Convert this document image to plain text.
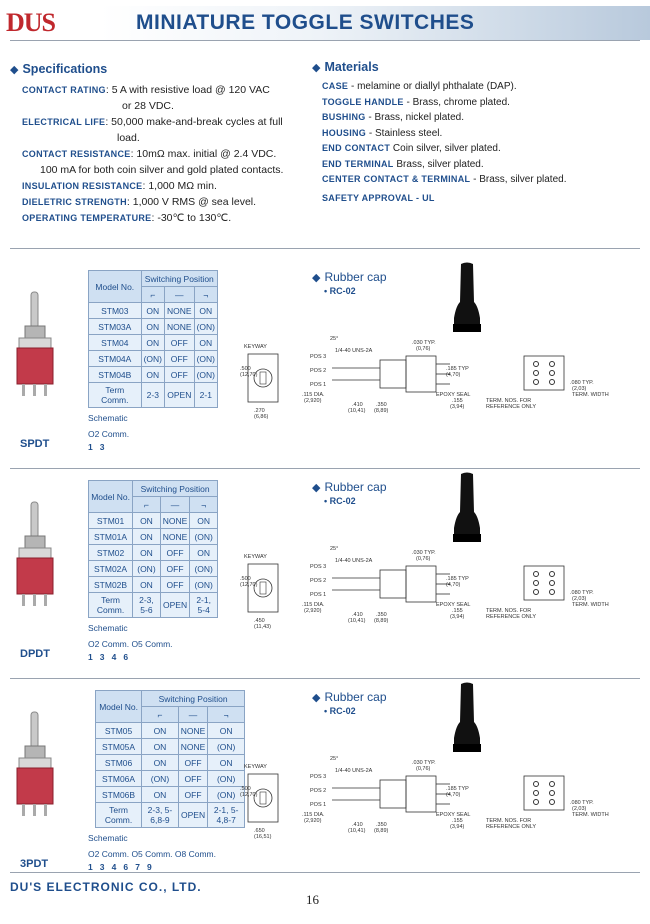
DUS	MINIATURE TOGGLE SWITCHES
◆ Specifications
CONTACT RATING: 5 A with resistive load @ 120 VAC
or 28 VDC.
ELECTRICAL LIFE: 50,000 make-and-break cycles at full
load.
CONTACT RESISTANCE: 10mΩ max. initial @ 2.4 VDC.
100 mA for both coin silver and gold plated contacts.
INSULATION RESISTANCE: 1,000 MΩ min.
DIELETRIC STRENGTH: 1,000 V RMS @ sea level.
OPERATING TEMPERATURE: -30℃ to 130℃.
◆ Materials
CASE - melamine or diallyl phthalate (DAP).
TOGGLE HANDLE - Brass, chrome plated.
BUSHING - Brass, nickel plated.
HOUSING - Stainless steel.
END CONTACT Coin silver, silver plated.
END TERMINAL Brass, silver plated.
CENTER CONTACT & TERMINAL - Brass, silver plated.
SAFETY APPROVAL - UL
SPDT
Model No.	Switching Position		
	⌐	—	¬
STM03	ON	NONE	ON
STM03A	ON	NONE	(ON)
STM04	ON	OFF	ON
STM04A	(ON)	OFF	(ON)
STM04B	ON	OFF	(ON)
Term Comm.	2-3	OPEN	2-1
Schematic
O2 Comm.
1   3
◆ Rubber cap
• RC-02
KEYWAY
.500
(12,70)
.270
(6,86)
25°
1/4-40 UNS-2A
POS 3
POS 2
POS 1
.030 TYP.
(0,76)
.185 TYP
(4,70)
.115 DIA.
(2,920)
EPOXY SEAL
.410
(10,41)
.350
(8,89)
.155
(3,94)
.080 TYP.
(2,03)
TERM. WIDTH
TERM. NOS. FOR
REFERENCE ONLY
DPDT
Model No.	Switching Position		
	⌐	—	¬
STM01	ON	NONE	ON
STM01A	ON	NONE	(ON)
STM02	ON	OFF	ON
STM02A	(ON)	OFF	(ON)
STM02B	ON	OFF	(ON)
Term Comm.	2-3, 5-6	OPEN	2-1, 5-4
Schematic
O2 Comm. O5 Comm.
1   3   4   6
◆ Rubber cap
• RC-02
KEYWAY
.500
(12,70)
.450
(11,43)
25°
1/4-40 UNS-2A
POS 3
POS 2
POS 1
.030 TYP.
(0,76)
.185 TYP
(4,70)
.115 DIA.
(2,920)
EPOXY SEAL
.410
(10,41)
.350
(8,89)
.155
(3,94)
.080 TYP.
(2,03)
TERM. WIDTH
TERM. NOS. FOR
REFERENCE ONLY
3PDT
Model No.	Switching Position		
	⌐	—	¬
STM05	ON	NONE	ON
STM05A	ON	NONE	(ON)
STM06	ON	OFF	ON
STM06A	(ON)	OFF	(ON)
STM06B	ON	OFF	(ON)
Term Comm.	2-3, 5-6,8-9	OPEN	2-1, 5-4,8-7
Schematic
O2 Comm. O5 Comm. O8 Comm.
1   3   4   6   7   9
◆ Rubber cap
• RC-02
KEYWAY
.500
(12,70)
.650
(16,51)
25°
1/4-40 UNS-2A
POS 3
POS 2
POS 1
.030 TYP.
(0,76)
.185 TYP
(4,70)
.115 DIA.
(2,920)
EPOXY SEAL
.410
(10,41)
.350
(8,89)
.155
(3,94)
.080 TYP.
(2,03)
TERM. WIDTH
TERM. NOS. FOR
REFERENCE ONLY
DU'S ELECTRONIC CO., LTD.
16
